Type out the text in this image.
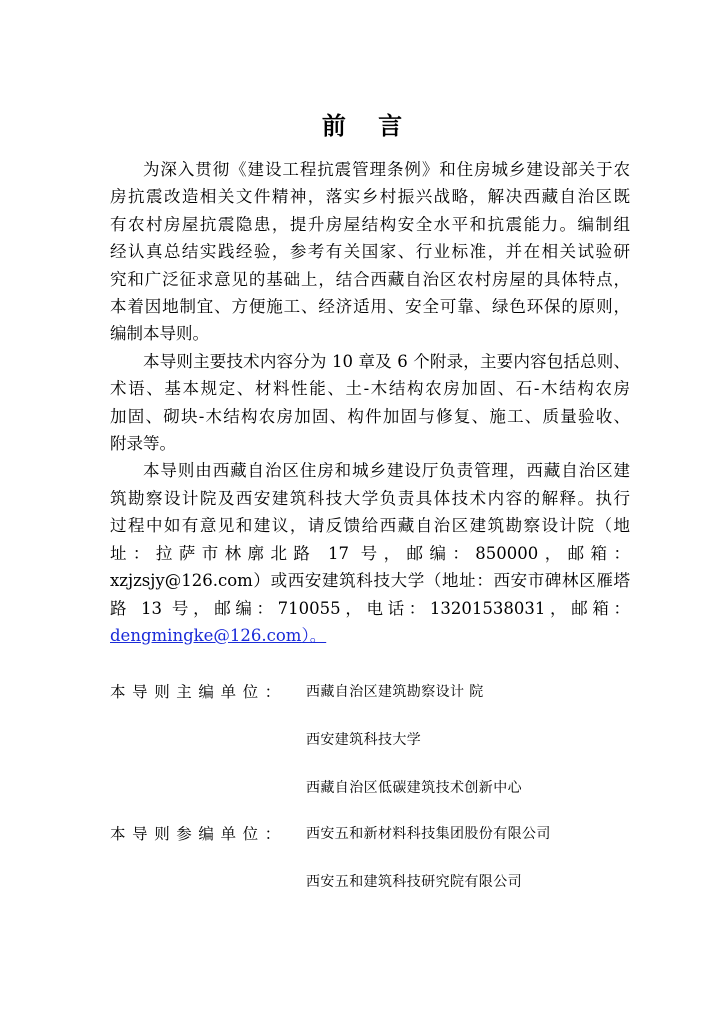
前 言
为深入贯彻《建设工程抗震管理条例》和住房城乡建设部关于农
房抗震改造相关文件精神，落实乡村振兴战略，解决西藏自治区既
有农村房屋抗震隐患，提升房屋结构安全水平和抗震能力。编制组
经认真总结实践经验，参考有关国家、行业标准，并在相关试验研
究和广泛征求意见的基础上，结合西藏自治区农村房屋的具体特点，
本着因地制宜、方便施工、经济适用、安全可靠、绿色环保的原则，
编制本导则。
本导则主要技术内容分为 10 章及 6 个附录，主要内容包括总则、
术语、基本规定、材料性能、土-木结构农房加固、石-木结构农房
加固、砌块-木结构农房加固、构件加固与修复、施工、质量验收、
附录等。
本导则由西藏自治区住房和城乡建设厅负责管理，西藏自治区建
筑勘察设计院及西安建筑科技大学负责具体技术内容的解释。执行
过程中如有意见和建议，请反馈给西藏自治区建筑勘察设计院（地
址：拉萨市林廓北路 17 号，邮编：850000，邮箱：
xzjzsjy@126.com）或西安建筑科技大学（地址：西安市碑林区雁塔
路 13 号，邮编：710055，电话：13201538031，邮箱：
dengmingke@126.com）。
本导则主编单位：	西藏自治区建筑勘察设计 院
西安建筑科技大学
西藏自治区低碳建筑技术创新中心
本导则参编单位：	西安五和新材料科技集团股份有限公司
西安五和建筑科技研究院有限公司
